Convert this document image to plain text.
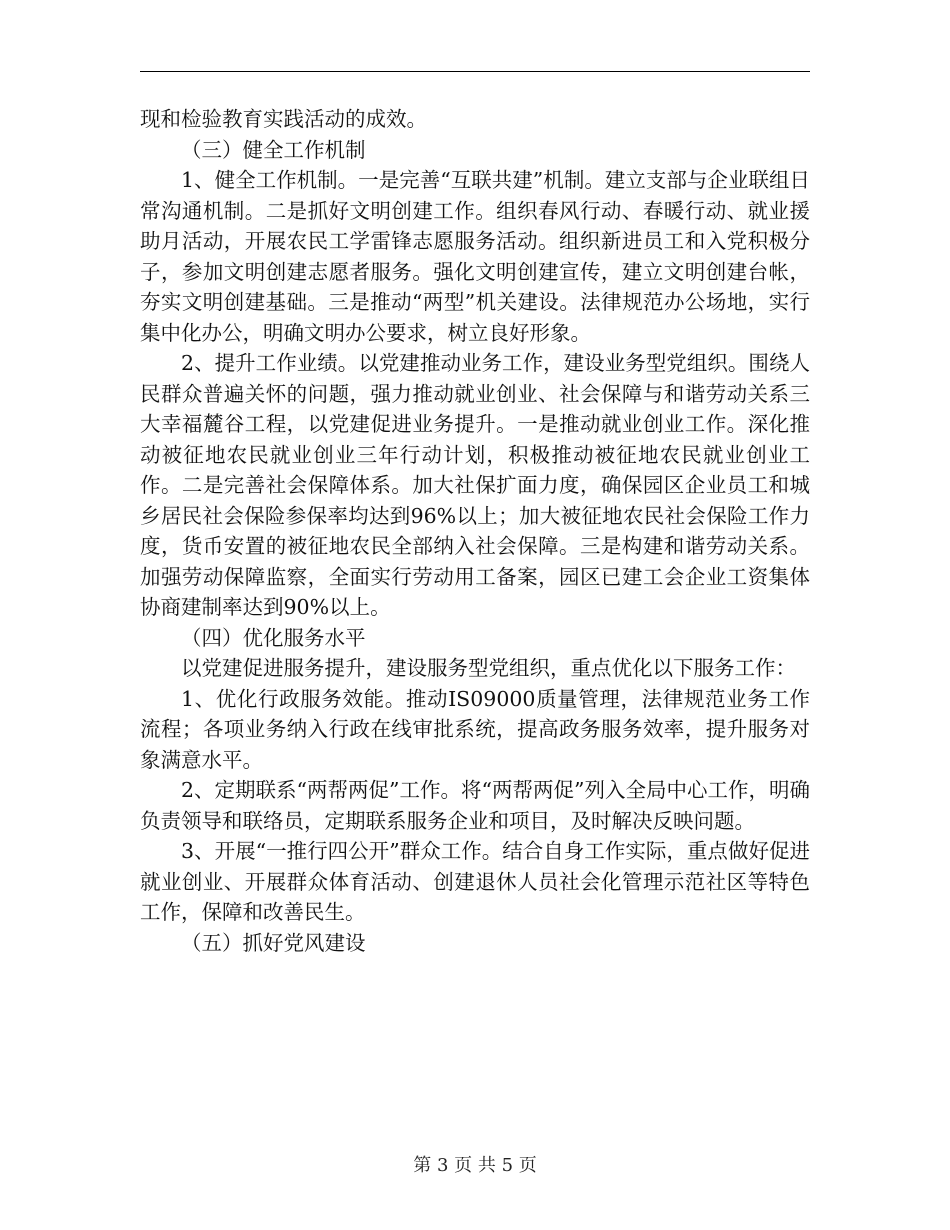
现和检验教育实践活动的成效。

（三）健全工作机制

1、健全工作机制。一是完善“互联共建”机制。建立支部与企业联组日常沟通机制。二是抓好文明创建工作。组织春风行动、春暖行动、就业援助月活动，开展农民工学雷锋志愿服务活动。组织新进员工和入党积极分子，参加文明创建志愿者服务。强化文明创建宣传，建立文明创建台帐，夯实文明创建基础。三是推动“两型”机关建设。法律规范办公场地，实行集中化办公，明确文明办公要求，树立良好形象。

2、提升工作业绩。以党建推动业务工作，建设业务型党组织。围绕人民群众普遍关怀的问题，强力推动就业创业、社会保障与和谐劳动关系三大幸福麓谷工程，以党建促进业务提升。一是推动就业创业工作。深化推动被征地农民就业创业三年行动计划，积极推动被征地农民就业创业工作。二是完善社会保障体系。加大社保扩面力度，确保园区企业员工和城乡居民社会保险参保率均达到96%以上；加大被征地农民社会保险工作力度，货币安置的被征地农民全部纳入社会保障。三是构建和谐劳动关系。加强劳动保障监察，全面实行劳动用工备案，园区已建工会企业工资集体协商建制率达到90%以上。

（四）优化服务水平

以党建促进服务提升，建设服务型党组织，重点优化以下服务工作：

1、优化行政服务效能。推动IS09000质量管理，法律规范业务工作流程；各项业务纳入行政在线审批系统，提高政务服务效率，提升服务对象满意水平。

2、定期联系“两帮两促”工作。将“两帮两促”列入全局中心工作，明确负责领导和联络员，定期联系服务企业和项目，及时解决反映问题。

3、开展“一推行四公开”群众工作。结合自身工作实际，重点做好促进就业创业、开展群众体育活动、创建退休人员社会化管理示范社区等特色工作，保障和改善民生。

（五）抓好党风建设

第 3 页 共 5 页
